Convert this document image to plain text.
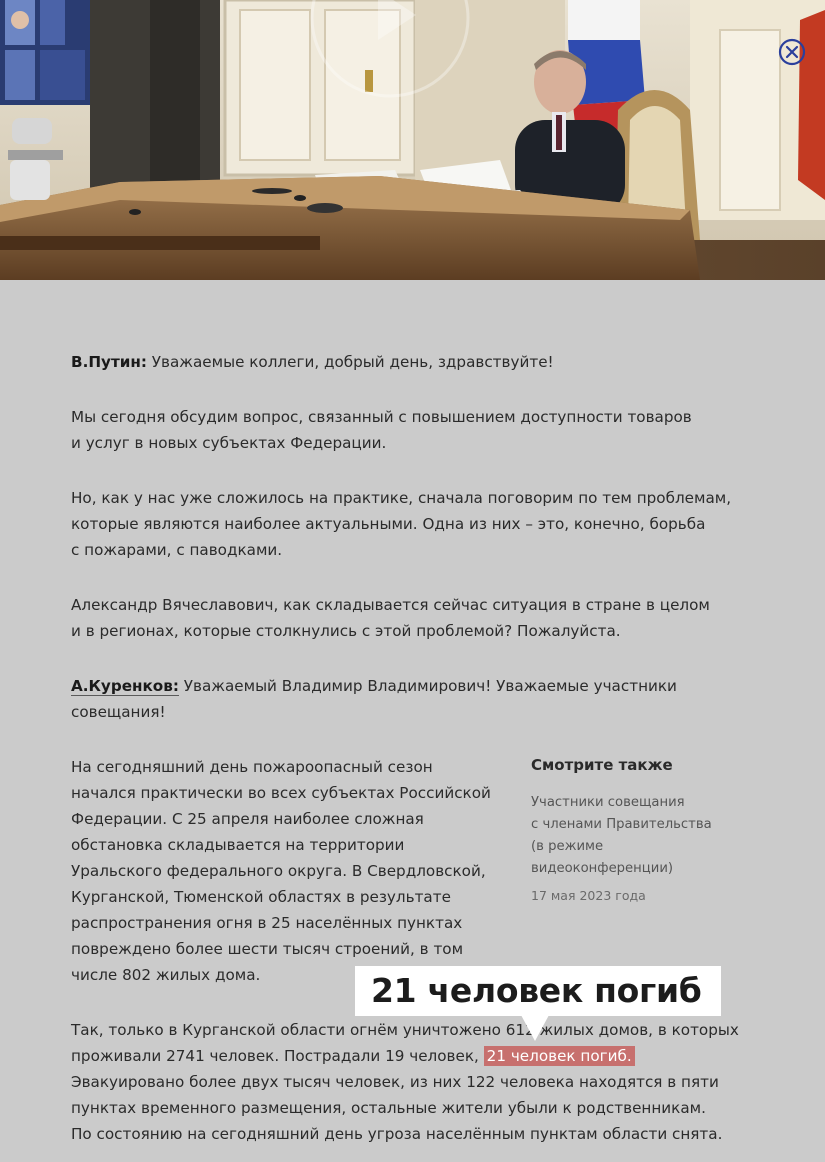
В.Путин: Уважаемые коллеги, добрый день, здравствуйте!

Мы сегодня обсудим вопрос, связанный с повышением доступности товаров
и услуг в новых субъектах Федерации.

Но, как у нас уже сложилось на практике, сначала поговорим по тем проблемам,
которые являются наиболее актуальными. Одна из них – это, конечно, борьба
с пожарами, с паводками.

Александр Вячеславович, как складывается сейчас ситуация в стране в целом
и в регионах, которые столкнулись с этой проблемой? Пожалуйста.

А.Куренков: Уважаемый Владимир Владимирович! Уважаемые участники
совещания!

На сегодняшний день пожароопасный сезон
начался практически во всех субъектах Российской
Федерации. С 25 апреля наиболее сложная
обстановка складывается на территории
Уральского федерального округа. В Свердловской,
Курганской, Тюменской областях в результате
распространения огня в 25 населённых пунктах
повреждено более шести тысяч строений, в том
числе 802 жилых дома.

Смотрите также

Участники совещания
с членами Правительства
(в режиме
видеоконференции)

17 мая 2023 года

Так, только в Курганской области огнём уничтожено 612 жилых домов, в которых
проживали 2741 человек. Пострадали 19 человек, 21 человек погиб.
Эвакуировано более двух тысяч человек, из них 122 человека находятся в пяти
пунктах временного размещения, остальные жители убыли к родственникам.
По состоянию на сегодняшний день угроза населённым пунктам области снята.

21 человек погиб
